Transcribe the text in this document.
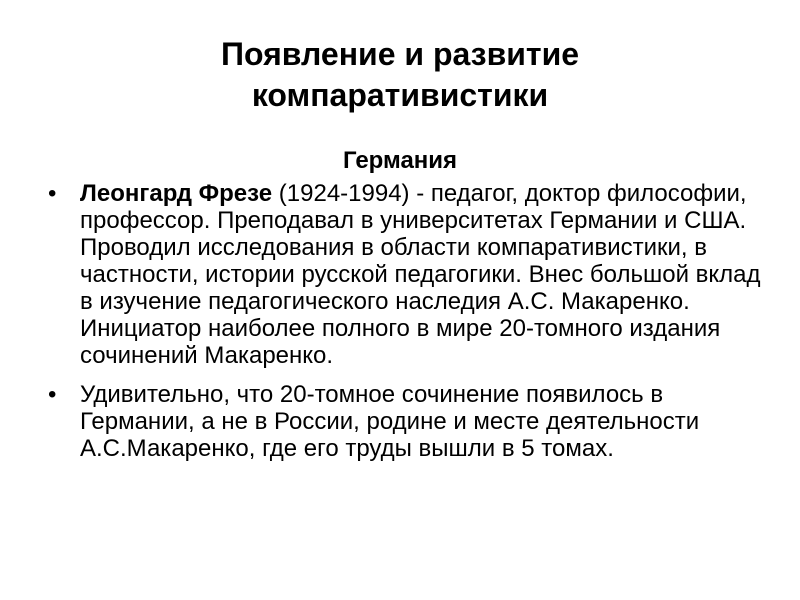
Появление и развитие
компаративистики
Германия
• Леонгард Фрезе (1924-1994) - педагог, доктор философии, профессор. Преподавал в университетах Германии и США. Проводил исследования в области компаративистики, в частности, истории русской педагогики. Внес большой вклад в изучение педагогического наследия А.С. Макаренко. Инициатор наиболее полного в мире 20-томного издания сочинений Макаренко.
• Удивительно, что 20-томное сочинение появилось в Германии, а не в России, родине и месте деятельности А.С.Макаренко, где его труды вышли в 5 томах.
